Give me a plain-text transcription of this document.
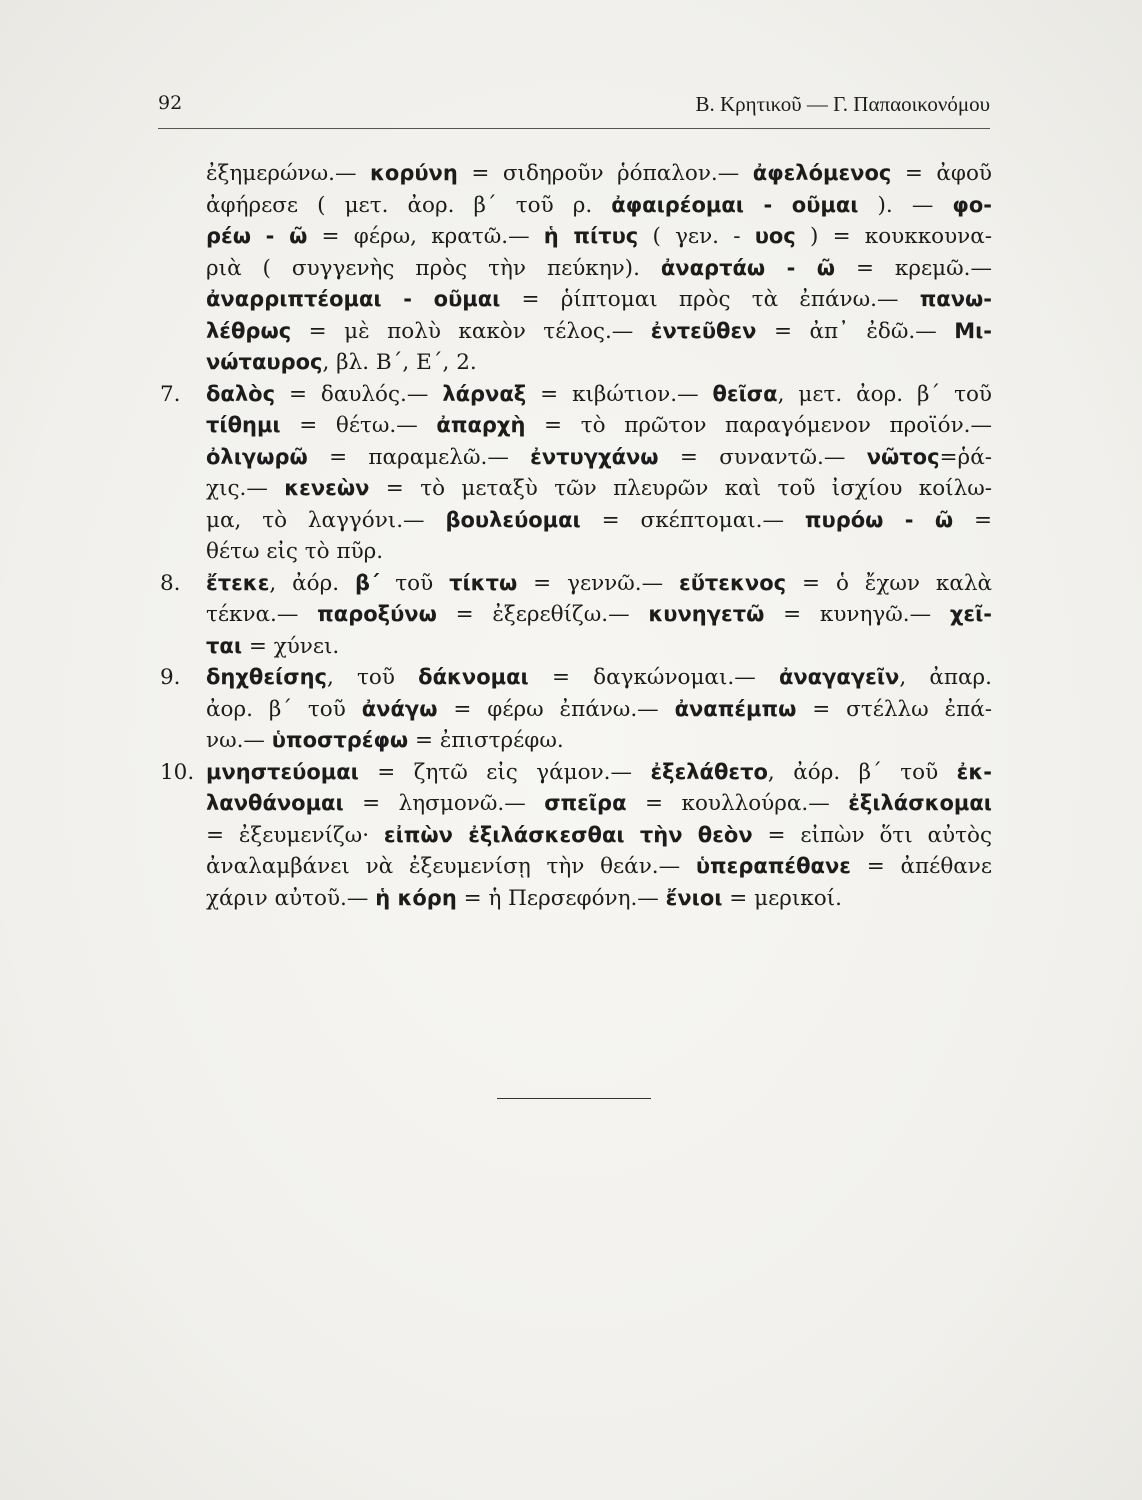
92	Β. Κρητικοῦ — Γ. Παπαοικονόμου
ἐξημερώνω.— κορύνη = σιδηροῦν ῥόπαλον.— ἀφελόμενος = ἀφοῦ
ἀφήρεσε ( μετ. ἀορ. β΄ τοῦ ρ. ἀφαιρέομαι - οῦμαι ). — φο-
ρέω - ῶ = φέρω, κρατῶ.— ἡ πίτυς ( γεν. - υος ) = κουκκουνα-
ριὰ ( συγγενὴς πρὸς τὴν πεύκην). ἀναρτάω - ῶ = κρεμῶ.—
ἀναρριπτέομαι - οῦμαι = ῥίπτομαι πρὸς τὰ ἐπάνω.— πανω-
λέθρως = μὲ πολὺ κακὸν τέλος.— ἐντεῦθεν = ἀπ᾽ ἐδῶ.— Μι-
νώταυρος, βλ. Β΄, Ε΄, 2.
7. δαλὸς = δαυλός.— λάρναξ = κιβώτιον.— θεῖσα, μετ. ἀορ. β΄ τοῦ
τίθημι = θέτω.— ἀπαρχὴ = τὸ πρῶτον παραγόμενον προϊόν.—
ὀλιγωρῶ = παραμελῶ.— ἐντυγχάνω = συναντῶ.— νῶτος=ῥά-
χις.— κενεὼν = τὸ μεταξὺ τῶν πλευρῶν καὶ τοῦ ἰσχίου κοίλω-
μα, τὸ λαγγόνι.— βουλεύομαι = σκέπτομαι.— πυρόω - ῶ =
θέτω εἰς τὸ πῦρ.
8. ἔτεκε, ἀόρ. β΄ τοῦ τίκτω = γεννῶ.— εὔτεκνος = ὁ ἔχων καλὰ
τέκνα.— παροξύνω = ἐξερεθίζω.— κυνηγετῶ = κυνηγῶ.— χεῖ-
ται = χύνει.
9. δηχθείσης, τοῦ δάκνομαι = δαγκώνομαι.— ἀναγαγεῖν, ἀπαρ.
ἀορ. β΄ τοῦ ἀνάγω = φέρω ἐπάνω.— ἀναπέμπω = στέλλω ἐπά-
νω.— ὑποστρέφω = ἐπιστρέφω.
10. μνηστεύομαι = ζητῶ εἰς γάμον.— ἐξελάθετο, ἀόρ. β΄ τοῦ ἐκ-
λανθάνομαι = λησμονῶ.— σπεῖρα = κουλλούρα.— ἐξιλάσκομαι
= ἐξευμενίζω· εἰπὼν ἐξιλάσκεσθαι τὴν θεὸν = εἰπὼν ὅτι αὐτὸς
ἀναλαμβάνει νὰ ἐξευμενίσῃ τὴν θεάν.— ὑπεραπέθανε = ἀπέθανε
χάριν αὐτοῦ.— ἡ κόρη = ἡ Περσεφόνη.— ἔνιοι = μερικοί.
